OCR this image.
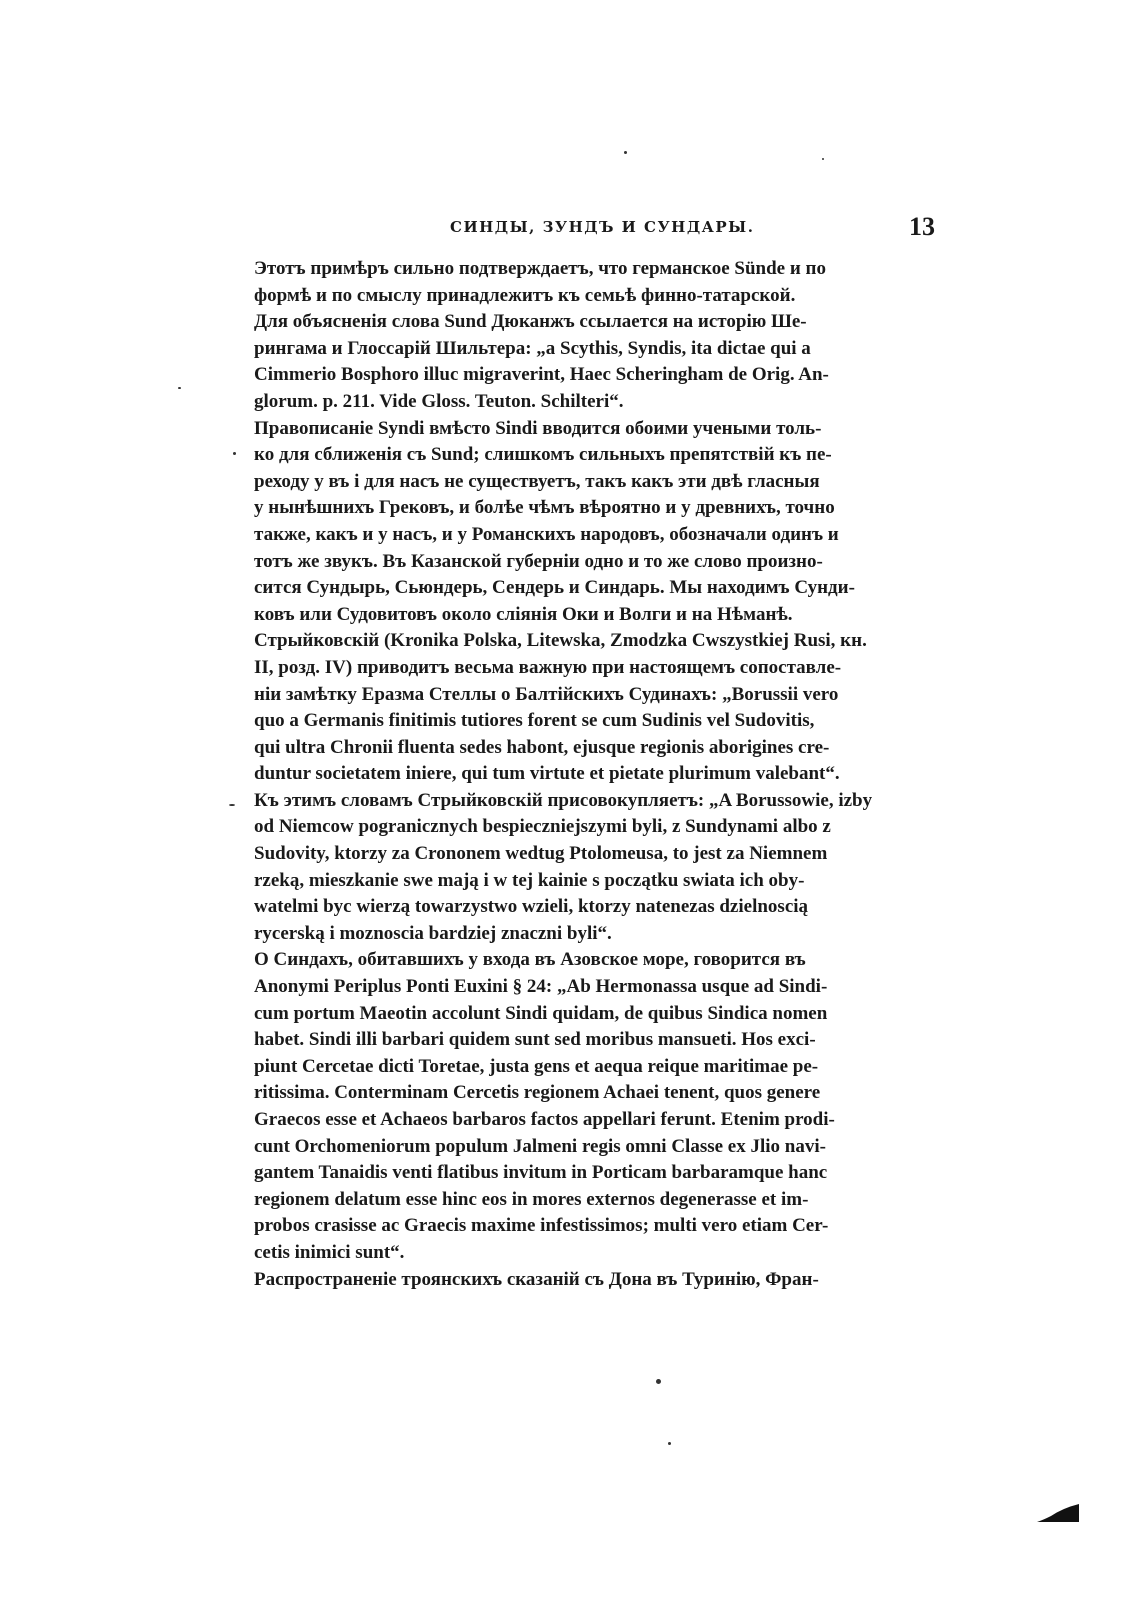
СИНДЫ, ЗУНДЪ И СУНДАРЫ.	13

Этотъ примѣръ сильно подтверждаетъ, что германское Sünde и по
формѣ и по смыслу принадлежитъ къ семьѣ финно-татарской.

Для объясненія слова Sund Дюканжъ ссылается на исторію Ше-
рингама и Глоссарій Шильтера: „a Scythis, Syndis, ita dictae qui a
Cimmerio Bosphoro illuc migraverint, Haec Scheringham de Orig. An-
glorum. p. 211. Vide Gloss. Teuton. Schilteri“.

Правописаніе Syndi вмѣсто Sindi вводится обоими учеными толь-
ко для сближенія съ Sund; слишкомъ сильныхъ препятствій къ пе-
реходу у въ і для насъ не существуетъ, такъ какъ эти двѣ гласныя
у нынѣшнихъ Грековъ, и болѣе чѣмъ вѣроятно и у древнихъ, точно
также, какъ и у насъ, и у Романскихъ народовъ, обозначали одинъ и
тотъ же звукъ. Въ Казанской губерніи одно и то же слово произно-
сится Сундырь, Сьюндерь, Сендерь и Синдарь. Мы находимъ Сунди-
ковъ или Судовитовъ около слiянія Оки и Волги и на Нѣманѣ.
Стрыйковскій (Kronika Polska, Litewska, Zmodzka Cwszystkiej Rusi, кн.
II, розд. IV) приводитъ весьма важную при настоящемъ сопоставле-
ніи замѣтку Еразма Стеллы о Балтійскихъ Судинахъ: „Borussii vero
quo a Germanis finitimis tutiores forent se cum Sudinis vel Sudovitis,
qui ultra Chronii fluenta sedes habont, ejusque regionis aborigines cre-
duntur societatem iniere, qui tum virtute et pietate plurimum valebant“.
Къ этимъ словамъ Стрыйковскій присовокупляетъ: „A Borussowie, izby
od Niemcow pogranicznych bespieczniejszymi byli, z Sundynami albo z
Sudovity, ktorzy za Crononem wedtug Ptolomeusa, to jest za Niemnem
rzeką, mieszkanie swe mają i w tej kainie s początku swiata ich oby-
watelmi byc wierzą towarzystwo wzieli, ktorzy natenezas dzielnoscią
rycerską i moznoscia bardziej znaczni byli“.

О Синдахъ, обитавшихъ у входа въ Азовское море, говорится въ
Anonymi Periplus Ponti Euxini § 24: „Ab Hermonassa usque ad Sindi-
cum portum Maeotin accolunt Sindi quidam, de quibus Sindica nomen
habet. Sindi illi barbari quidem sunt sed moribus mansueti. Hos exci-
piunt Cercetae dicti Toretae, justa gens et aequa reique maritimae pe-
ritissima. Conterminam Cercetis regionem Achaei tenent, quos genere
Graecos esse et Achaeos barbaros factos appellari ferunt. Etenim prodi-
cunt Orchomeniorum populum Jalmeni regis omni Classe ex Jlio navi-
gantem Tanaidis venti flatibus invitum in Porticam barbaramque hanc
regionem delatum esse hinc eos in mores externos degenerasse et im-
probos crasisse ac Graecis maxime infestissimos; multi vero etiam Cer-
cetis inimici sunt“.

Распространеніе троянскихъ сказаній съ Дона въ Туринію, Фран-
